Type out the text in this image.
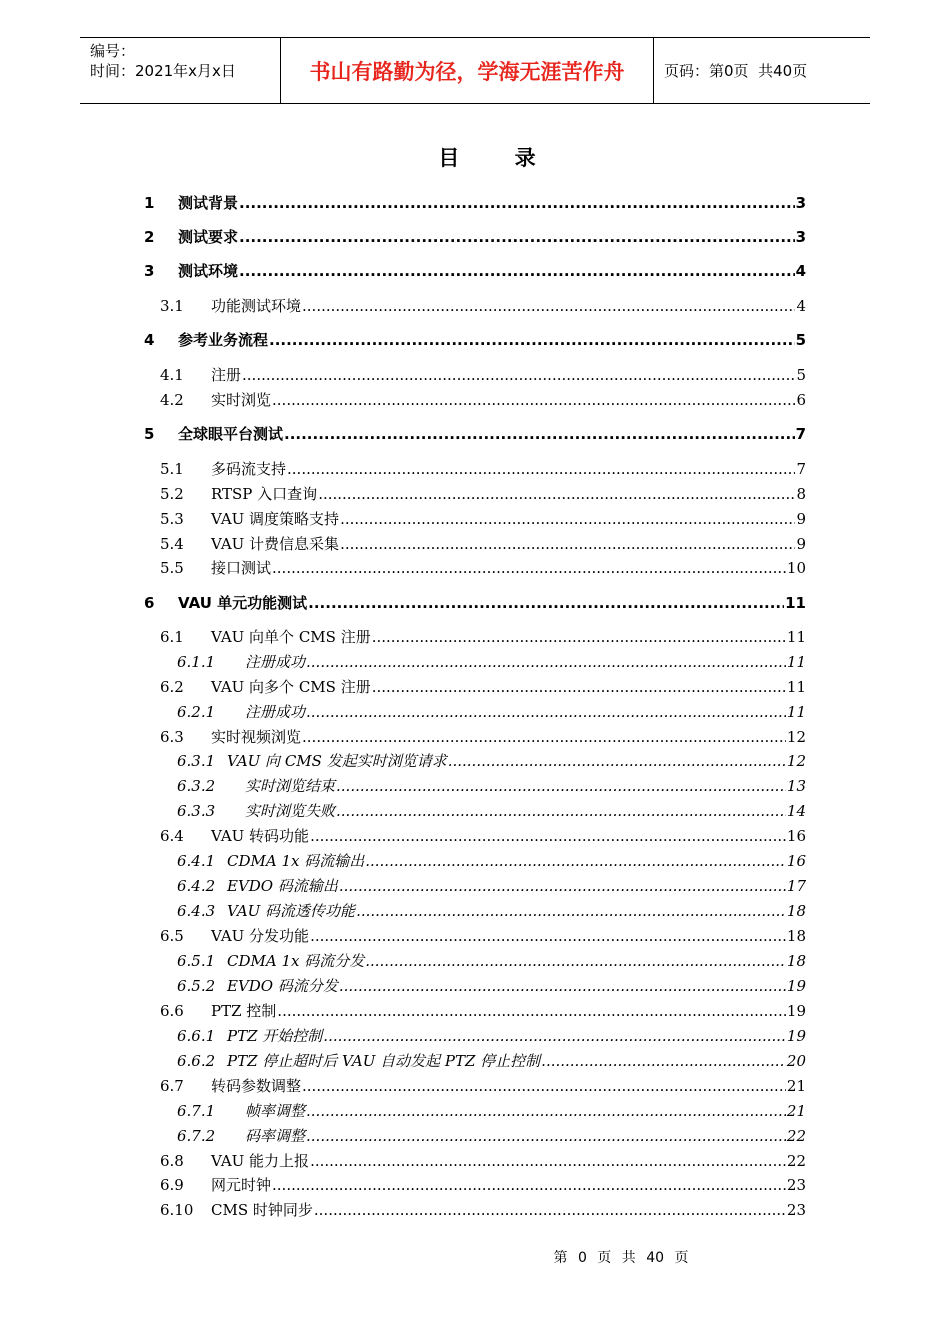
编号：
时间：2021年x月x日	书山有路勤为径，学海无涯苦作舟	页码：第0页  共40页
目 录
1	测试背景 .....	3
2	测试要求 .....	3
3	测试环境 .....	4
3.1	功能测试环境 .....	4
4	参考业务流程 .....	5
4.1	注册 .....	5
4.2	实时浏览 .....	6
5	全球眼平台测试 .....	7
5.1	多码流支持 .....	7
5.2	RTSP 入口查询 .....	8
5.3	VAU 调度策略支持 .....	9
5.4	VAU 计费信息采集 .....	9
5.5	接口测试 .....	10
6	VAU 单元功能测试 .....	11
6.1	VAU 向单个 CMS 注册 .....	11
6.1.1	注册成功 .....	11
6.2	VAU 向多个 CMS 注册 .....	11
6.2.1	注册成功 .....	11
6.3	实时视频浏览 .....	12
6.3.1 VAU 向 CMS 发起实时浏览请求 .....	12
6.3.2	实时浏览结束 .....	13
6.3.3	实时浏览失败 .....	14
6.4	VAU 转码功能 .....	16
6.4.1 CDMA 1x 码流输出 .....	16
6.4.2 EVDO 码流输出 .....	17
6.4.3 VAU 码流透传功能 .....	18
6.5	VAU 分发功能 .....	18
6.5.1 CDMA 1x 码流分发 .....	18
6.5.2 EVDO 码流分发 .....	19
6.6	PTZ 控制 .....	19
6.6.1 PTZ 开始控制 .....	19
6.6.2 PTZ 停止超时后 VAU 自动发起 PTZ 停止控制 .....	20
6.7	转码参数调整 .....	21
6.7.1	帧率调整 .....	21
6.7.2	码率调整 .....	22
6.8	VAU 能力上报 .....	22
6.9	网元时钟 .....	23
6.10	CMS 时钟同步 .....	23
第 0 页 共 40 页
